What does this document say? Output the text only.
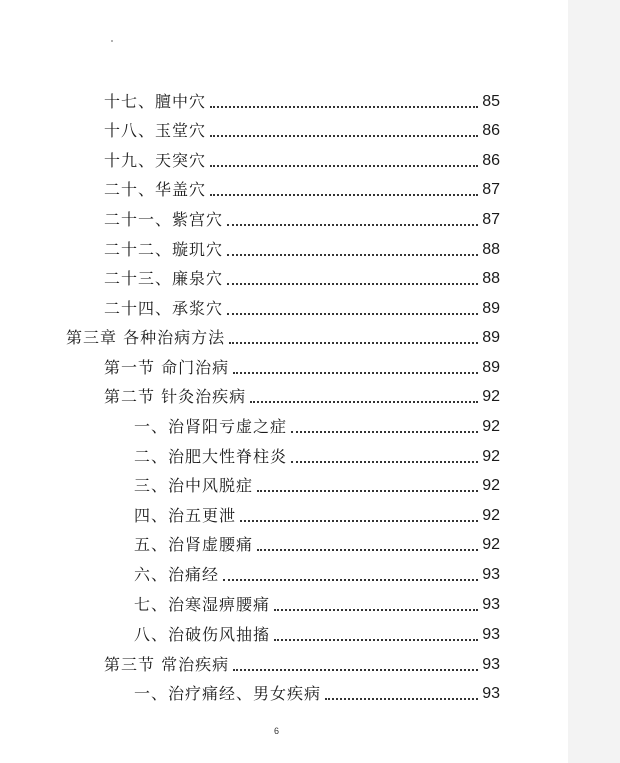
十七、膻中穴	85
十八、玉堂穴	86
十九、天突穴	86
二十、华盖穴	87
二十一、紫宫穴	87
二十二、璇玑穴	88
二十三、廉泉穴	88
二十四、承浆穴	89
第三章 各种治病方法	89
第一节 命门治病	89
第二节 针灸治疾病	92
一、治肾阳亏虚之症	92
二、治肥大性脊柱炎	92
三、治中风脱症	92
四、治五更泄	92
五、治肾虚腰痛	92
六、治痛经	93
七、治寒湿痹腰痛	93
八、治破伤风抽搐	93
第三节 常治疾病	93
一、治疗痛经、男女疾病	93
6
